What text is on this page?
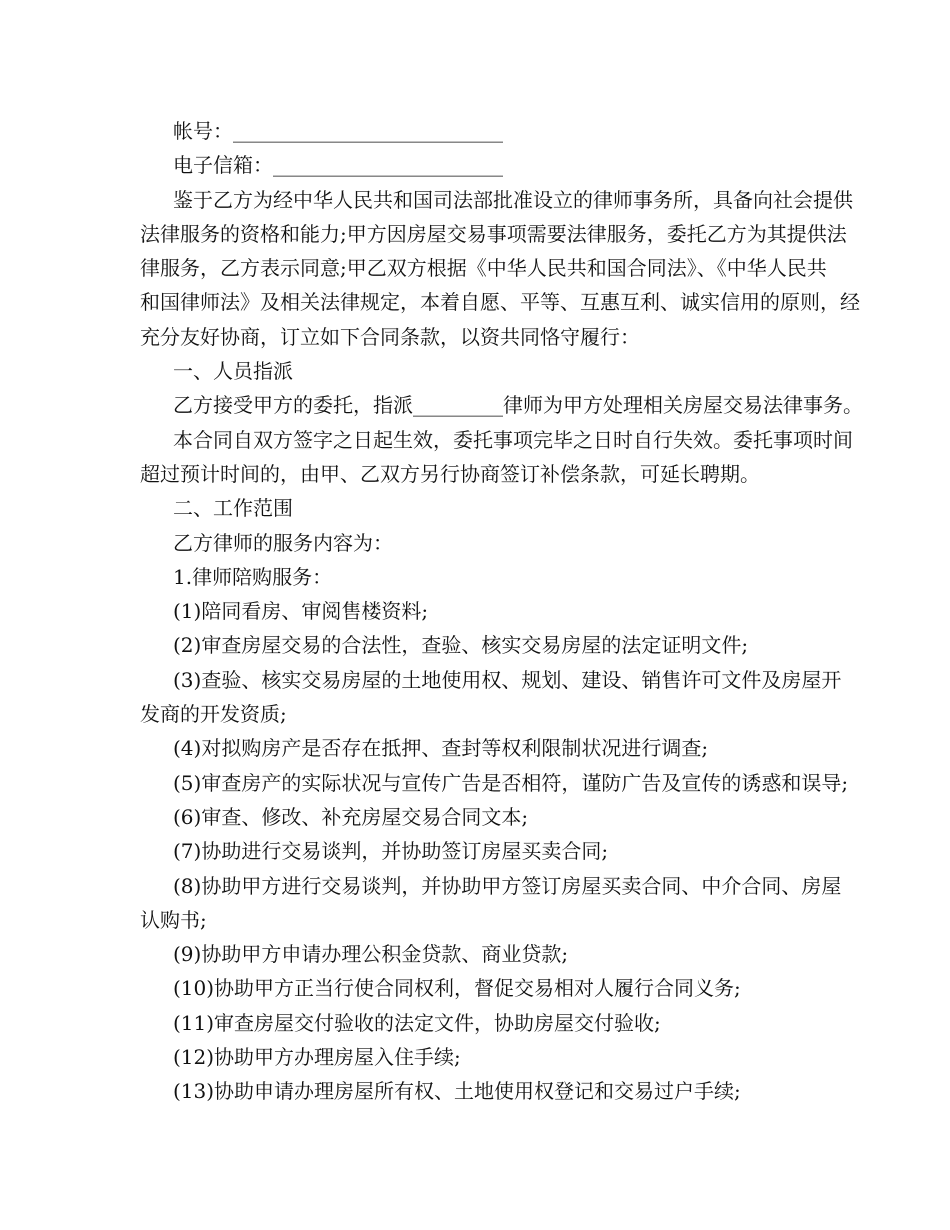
帐号：___________________________
电子信箱：_______________________
鉴于乙方为经中华人民共和国司法部批准设立的律师事务所，具备向社会提供
法律服务的资格和能力;甲方因房屋交易事项需要法律服务，委托乙方为其提供法
律服务，乙方表示同意;甲乙双方根据《中华人民共和国合同法》、《中华人民共
和国律师法》及相关法律规定，本着自愿、平等、互惠互利、诚实信用的原则，经
充分友好协商，订立如下合同条款，以资共同恪守履行：
一、人员指派
乙方接受甲方的委托，指派_________律师为甲方处理相关房屋交易法律事务。
本合同自双方签字之日起生效，委托事项完毕之日时自行失效。委托事项时间
超过预计时间的，由甲、乙双方另行协商签订补偿条款，可延长聘期。
二、工作范围
乙方律师的服务内容为：
1.律师陪购服务：
(1)陪同看房、审阅售楼资料;
(2)审查房屋交易的合法性，查验、核实交易房屋的法定证明文件;
(3)查验、核实交易房屋的土地使用权、规划、建设、销售许可文件及房屋开
发商的开发资质;
(4)对拟购房产是否存在抵押、查封等权利限制状况进行调查;
(5)审查房产的实际状况与宣传广告是否相符，谨防广告及宣传的诱惑和误导;
(6)审查、修改、补充房屋交易合同文本;
(7)协助进行交易谈判，并协助签订房屋买卖合同;
(8)协助甲方进行交易谈判，并协助甲方签订房屋买卖合同、中介合同、房屋
认购书;
(9)协助甲方申请办理公积金贷款、商业贷款;
(10)协助甲方正当行使合同权利，督促交易相对人履行合同义务;
(11)审查房屋交付验收的法定文件，协助房屋交付验收;
(12)协助甲方办理房屋入住手续;
(13)协助申请办理房屋所有权、土地使用权登记和交易过户手续;
